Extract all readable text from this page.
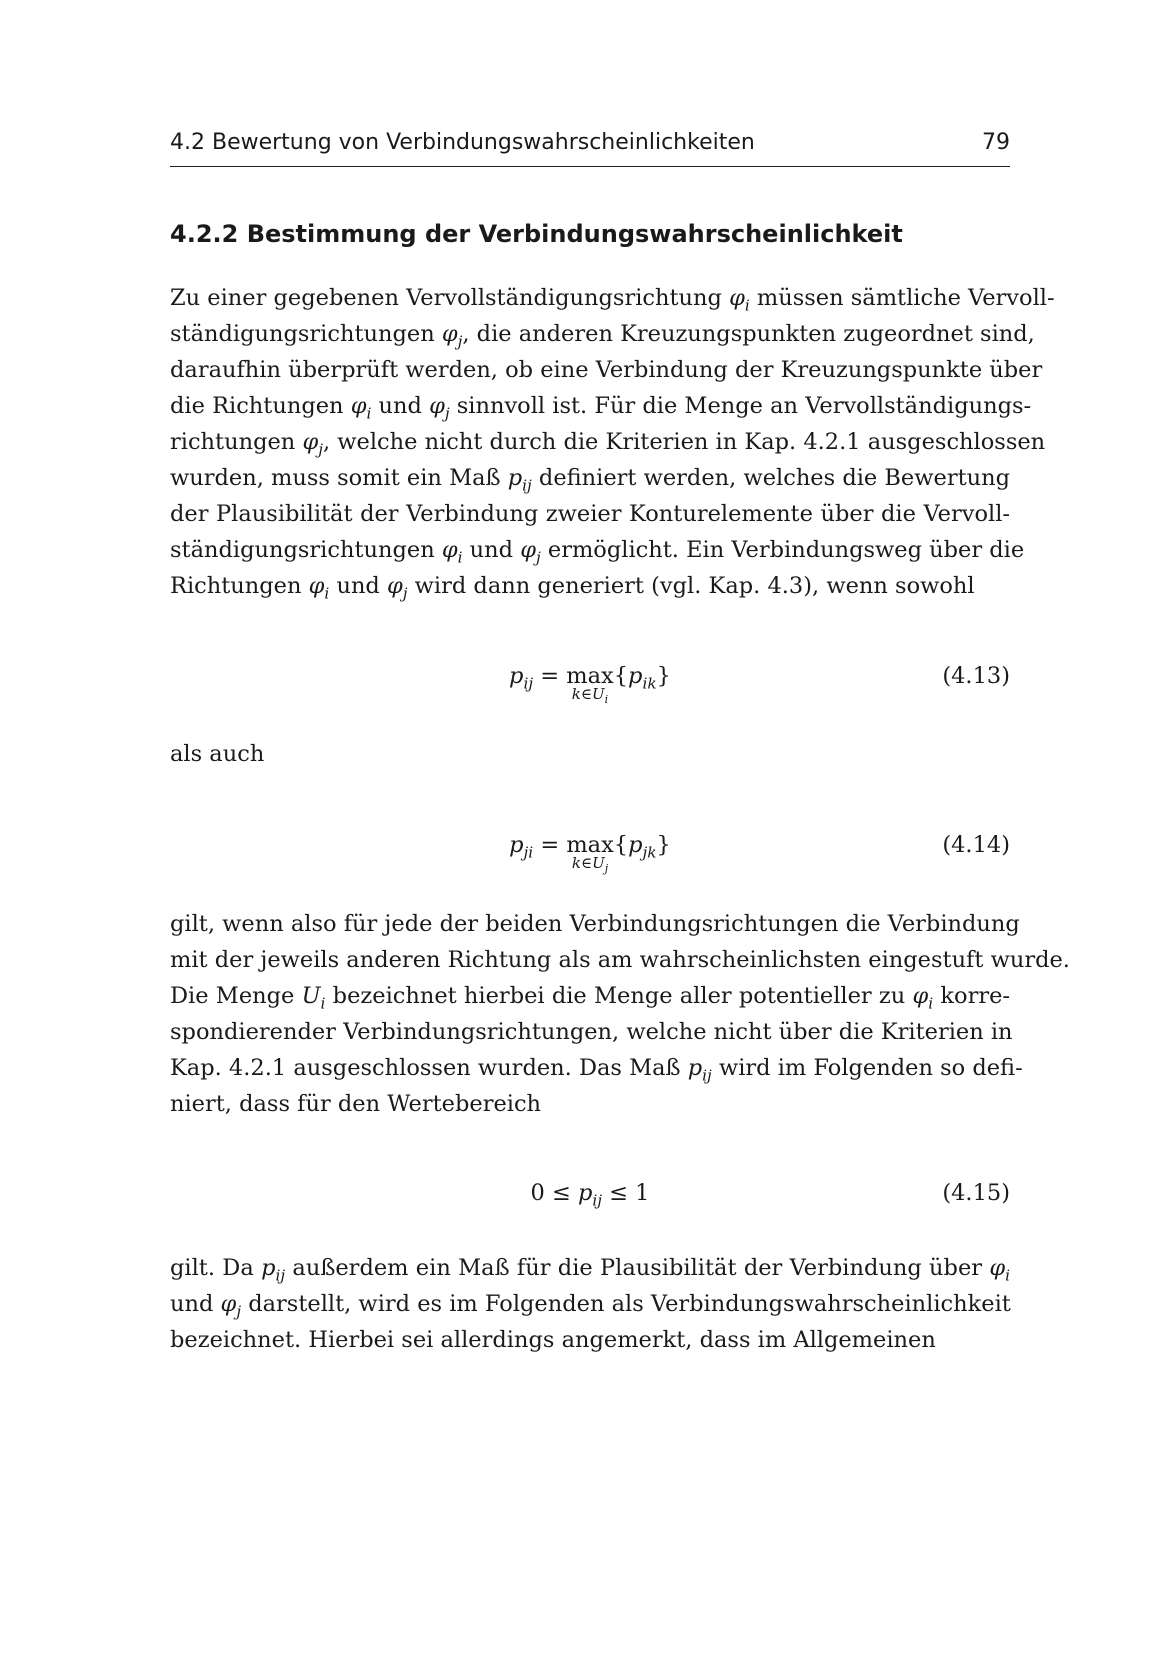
4.2 Bewertung von Verbindungswahrscheinlichkeiten	79
4.2.2 Bestimmung der Verbindungswahrscheinlichkeit
Zu einer gegebenen Vervollständigungsrichtung $\varphi_i$ müssen sämtliche Vervoll-
ständigungsrichtungen $\varphi_j$, die anderen Kreuzungspunkten zugeordnet sind,
daraufhin überprüft werden, ob eine Verbindung der Kreuzungspunkte über
die Richtungen $\varphi_i$ und $\varphi_j$ sinnvoll ist. Für die Menge an Vervollständigungs-
richtungen $\varphi_j$, welche nicht durch die Kriterien in Kap. 4.2.1 ausgeschlossen
wurden, muss somit ein Maß $p_{ij}$ definiert werden, welches die Bewertung
der Plausibilität der Verbindung zweier Konturelemente über die Vervoll-
ständigungsrichtungen $\varphi_i$ und $\varphi_j$ ermöglicht. Ein Verbindungsweg über die
Richtungen $\varphi_i$ und $\varphi_j$ wird dann generiert (vgl. Kap. 4.3), wenn sowohl
$p_{ij} = \max$
$k\in U_i$
$\{p_{ik}\}$	(4.13)
als auch
$p_{ji} = \max$
$k\in U_j$
$\{p_{jk}\}$	(4.14)
gilt, wenn also für jede der beiden Verbindungsrichtungen die Verbindung
mit der jeweils anderen Richtung als am wahrscheinlichsten eingestuft wurde.
Die Menge $U_i$ bezeichnet hierbei die Menge aller potentieller zu $\varphi_i$ korre-
spondierender Verbindungsrichtungen, welche nicht über die Kriterien in
Kap. 4.2.1 ausgeschlossen wurden. Das Maß $p_{ij}$ wird im Folgenden so defi-
niert, dass für den Wertebereich
$0 \le p_{ij} \le 1$	(4.15)
gilt. Da $p_{ij}$ außerdem ein Maß für die Plausibilität der Verbindung über $\varphi_i$
und $\varphi_j$ darstellt, wird es im Folgenden als Verbindungswahrscheinlichkeit
bezeichnet. Hierbei sei allerdings angemerkt, dass im Allgemeinen
